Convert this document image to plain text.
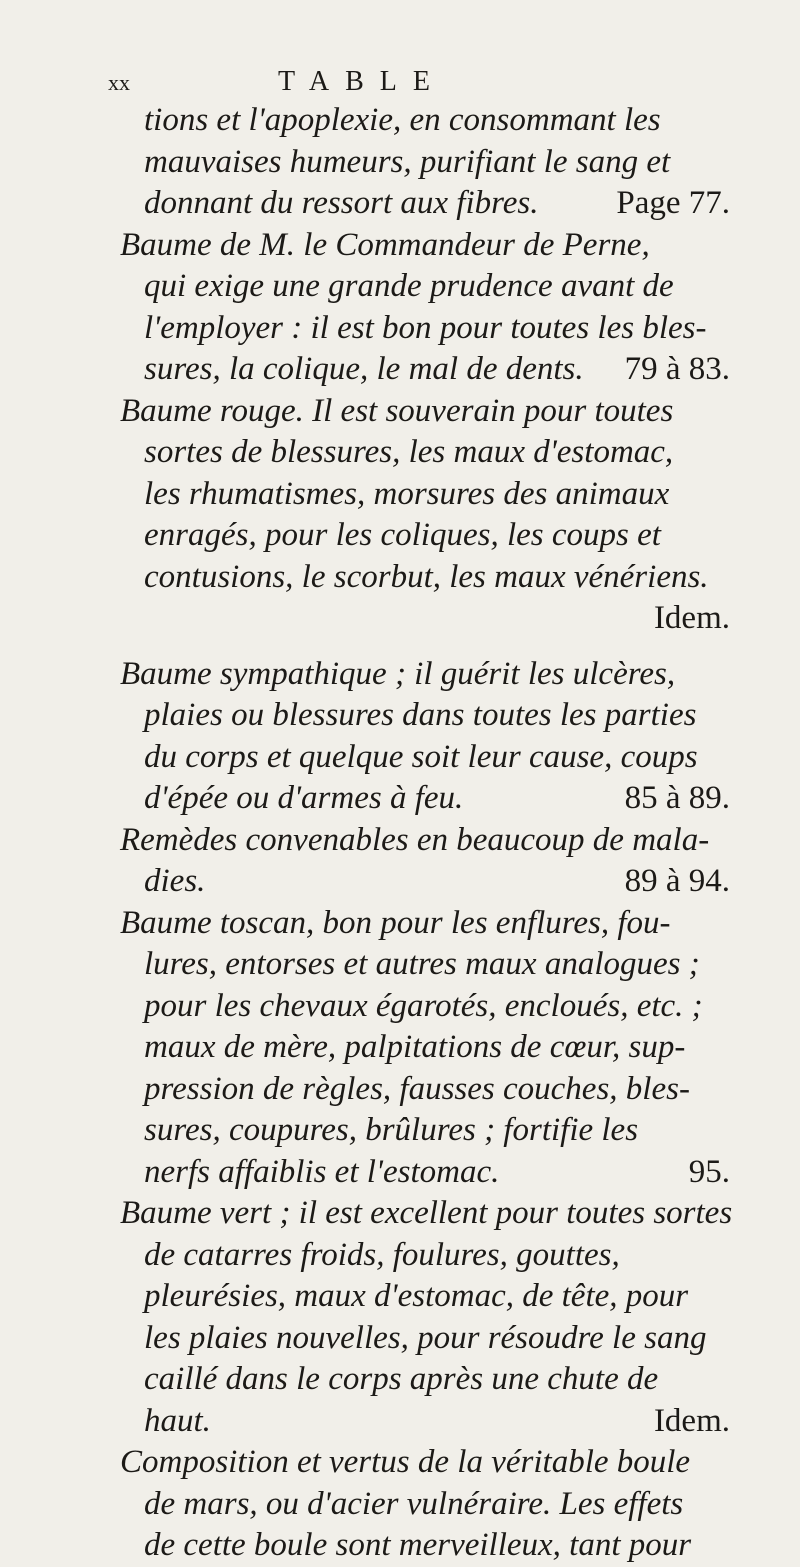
xx	TABLE
tions et l'apoplexie, en consommant les
mauvaises humeurs, purifiant le sang et
donnant du ressort aux fibres. Page 77.
Baume de M. le Commandeur de Perne,
qui exige une grande prudence avant de
l'employer : il est bon pour toutes les bles-
sures, la colique, le mal de dents. 79 à 83.
Baume rouge. Il est souverain pour toutes
sortes de blessures, les maux d'estomac,
les rhumatismes, morsures des animaux
enragés, pour les coliques, les coups et
contusions, le scorbut, les maux vénériens.
Idem.
Baume sympathique ; il guérit les ulcères,
plaies ou blessures dans toutes les parties
du corps et quelque soit leur cause, coups
d'épée ou d'armes à feu.	85 à 89.
Remèdes convenables en beaucoup de mala-
dies.	89 à 94.
Baume toscan, bon pour les enflures, fou-
lures, entorses et autres maux analogues ;
pour les chevaux égarotés, encloués, etc. ;
maux de mère, palpitations de cœur, sup-
pression de règles, fausses couches, bles-
sures, coupures, brûlures ; fortifie les
nerfs affaiblis et l'estomac.	95.
Baume vert ; il est excellent pour toutes sortes
de catarres froids, foulures, gouttes,
pleurésies, maux d'estomac, de tête, pour
les plaies nouvelles, pour résoudre le sang
caillé dans le corps après une chute de
haut.	Idem.
Composition et vertus de la véritable boule
de mars, ou d'acier vulnéraire. Les effets
de cette boule sont merveilleux, tant pour
